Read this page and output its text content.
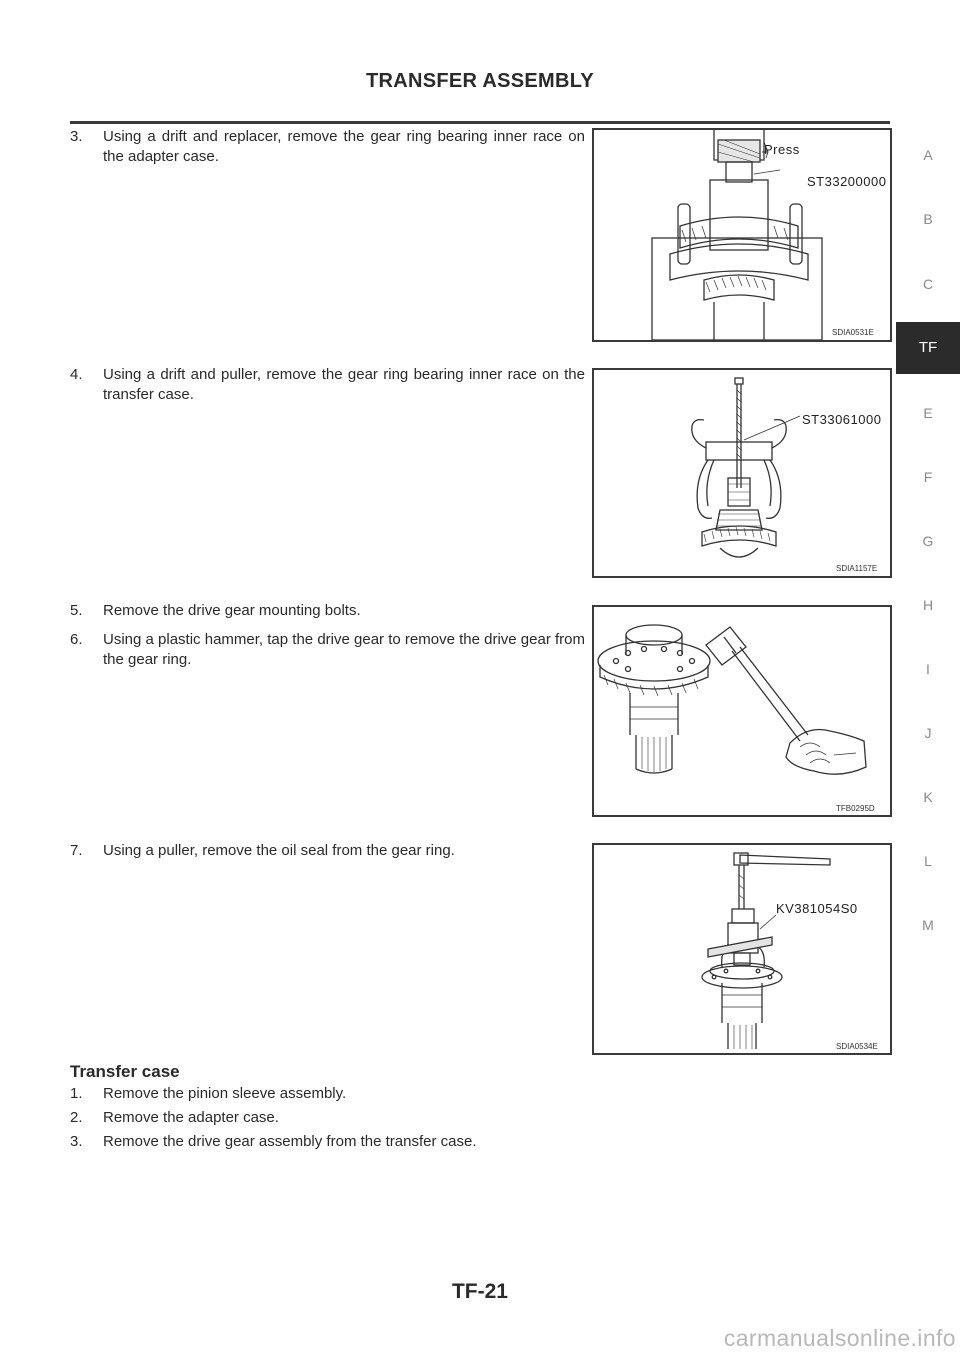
TRANSFER ASSEMBLY
A
B
C
TF
E
F
G
H
I
J
K
L
M
3. Using a drift and replacer, remove the gear ring bearing inner race on the adapter case.
4. Using a drift and puller, remove the gear ring bearing inner race on the transfer case.
5. Remove the drive gear mounting bolts.
6. Using a plastic hammer, tap the drive gear to remove the drive gear from the gear ring.
7. Using a puller, remove the oil seal from the gear ring.
Press
ST33200000
SDIA0531E
ST33061000
SDIA1157E
TFB0295D
KV381054S0
SDIA0534E
Transfer case
1. Remove the pinion sleeve assembly.
2. Remove the adapter case.
3. Remove the drive gear assembly from the transfer case.
TF-21
carmanualsonline.info
